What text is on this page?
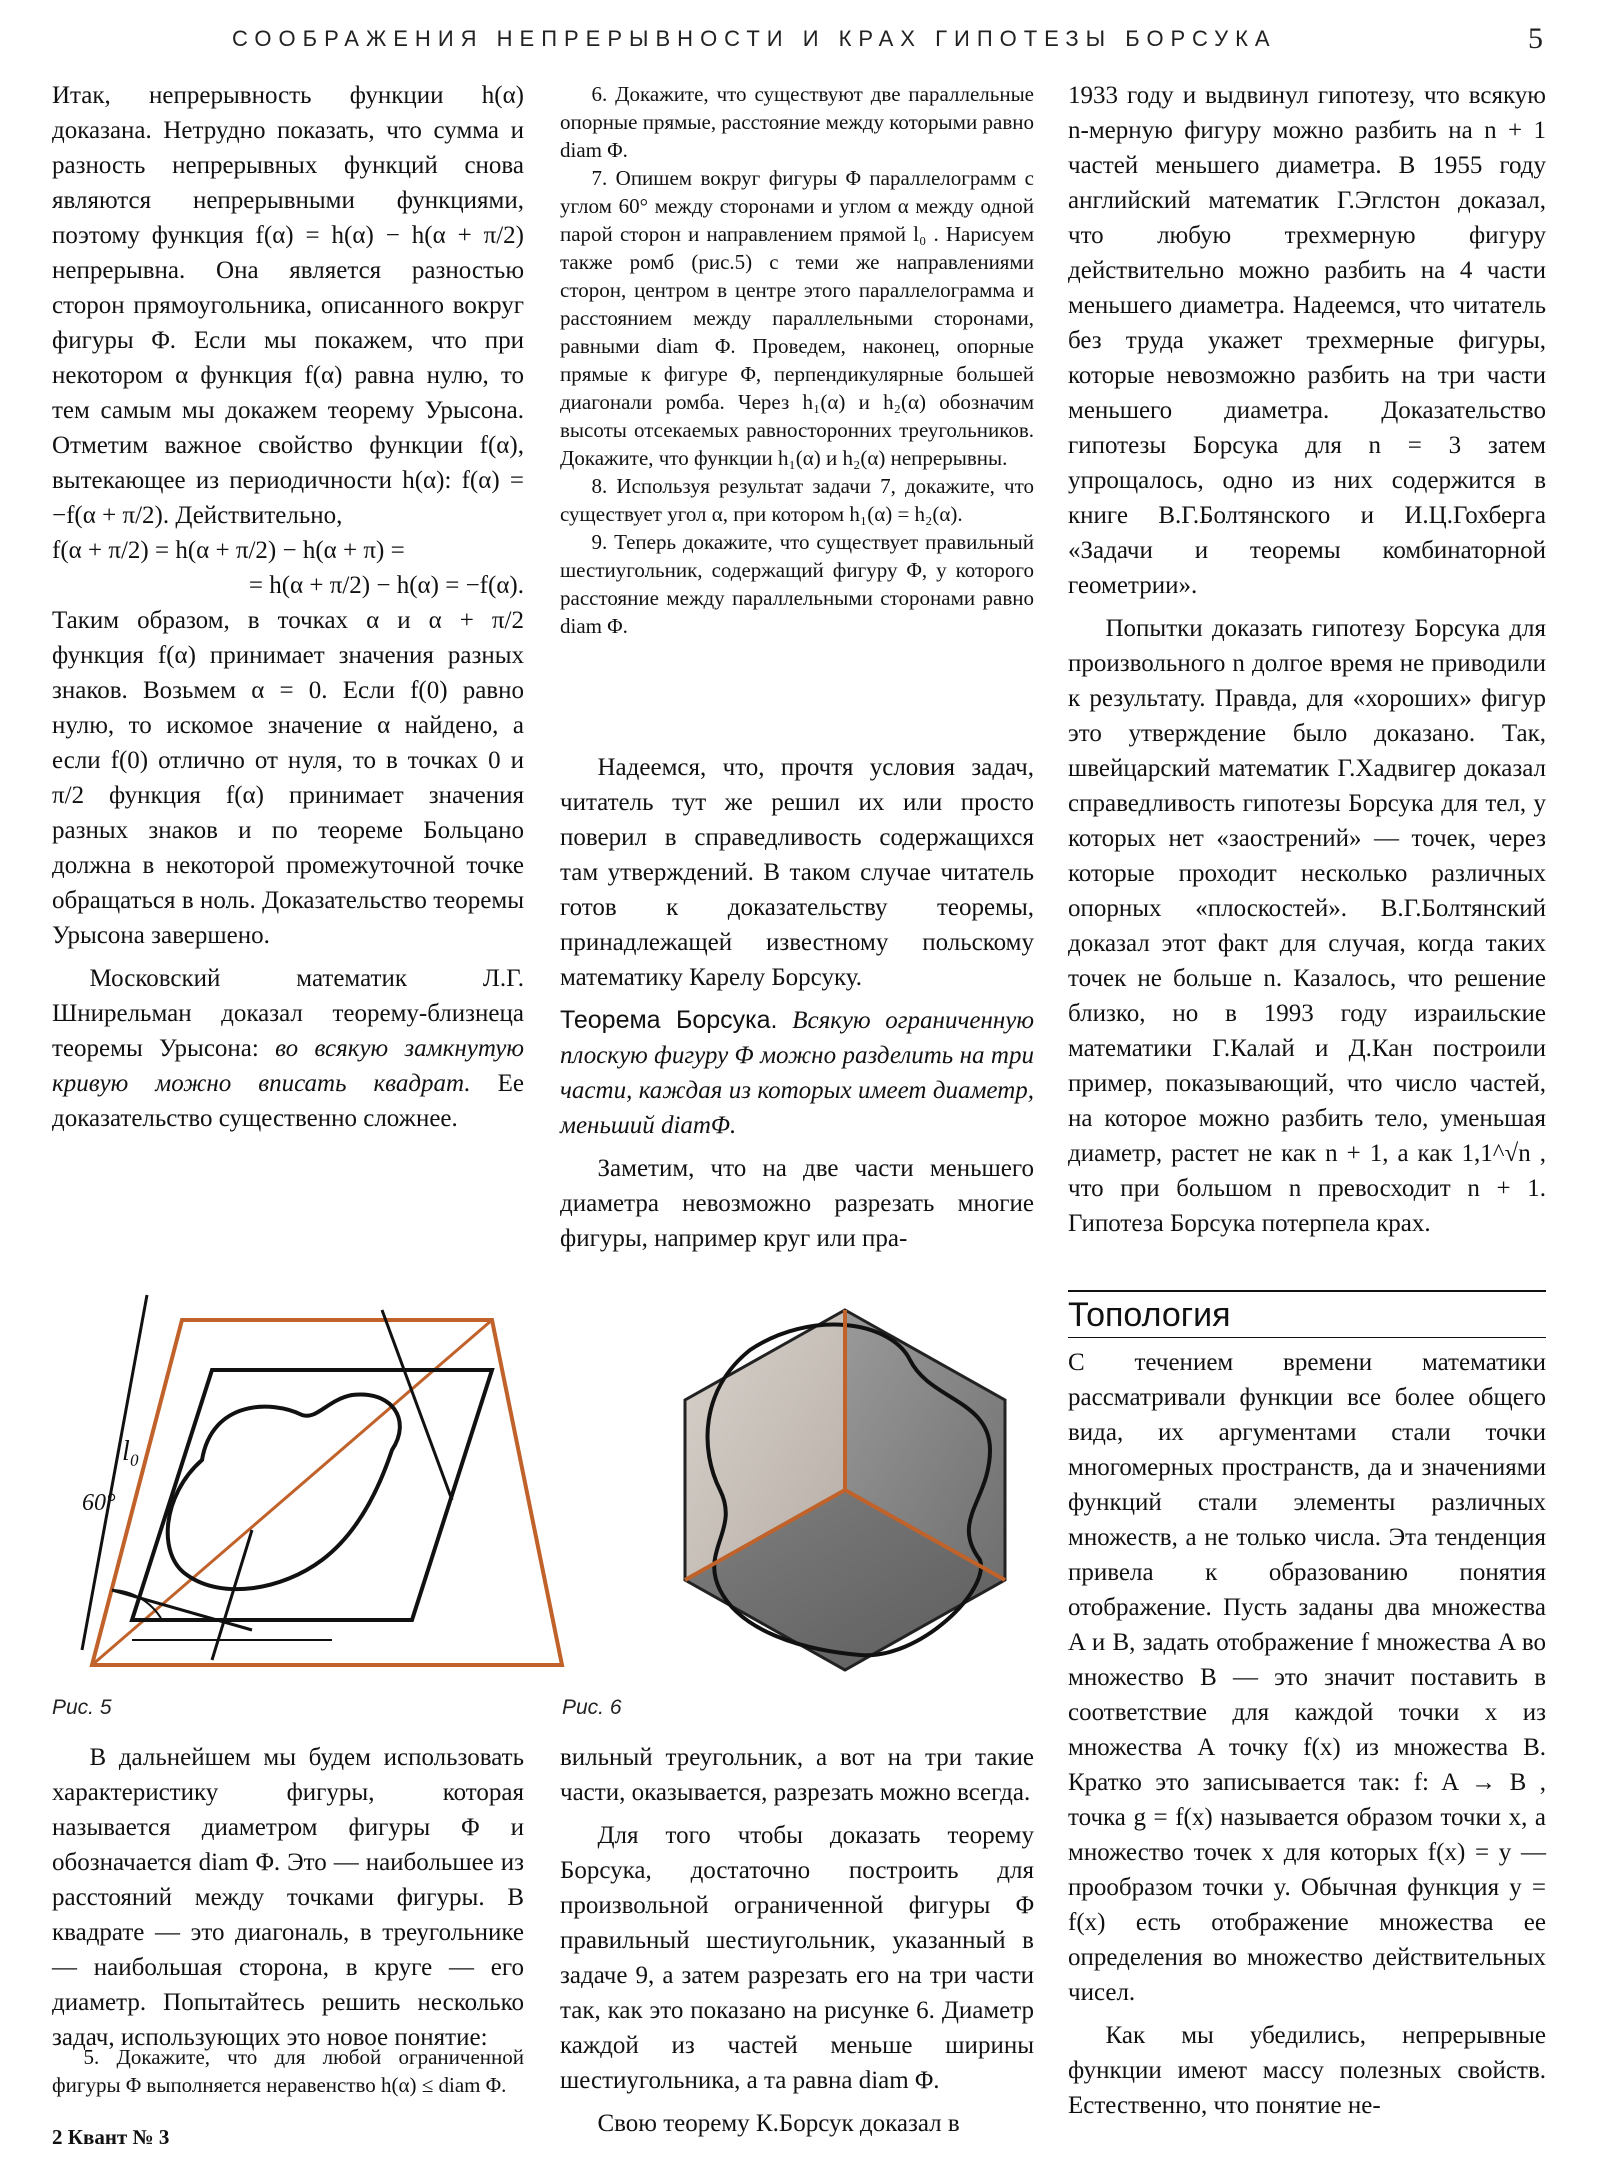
СООБРАЖЕНИЯ НЕПРЕРЫВНОСТИ И КРАХ ГИПОТЕЗЫ БОРСУКА	5

Итак, непрерывность функции h(α) доказана. Нетрудно показать, что сумма и разность непрерывных функций снова являются непрерывными функциями, поэтому функция f(α) = h(α) − h(α + π/2) непрерывна. Она является разностью сторон прямоугольника, описанного вокруг фигуры Φ. Если мы покажем, что при некотором α функция f(α) равна нулю, то тем самым мы докажем теорему Урысона. Отметим важное свойство функции f(α), вытекающее из периодичности h(α): f(α) = −f(α + π/2). Действительно,

f(α + π/2) = h(α + π/2) − h(α + π) =

= h(α + π/2) − h(α) = −f(α).

Таким образом, в точках α и α + π/2 функция f(α) принимает значения разных знаков. Возьмем α = 0. Если f(0) равно нулю, то искомое значение α найдено, а если f(0) отлично от нуля, то в точках 0 и π/2 функция f(α) принимает значения разных знаков и по теореме Больцано должна в некоторой промежуточной точке обращаться в ноль. Доказательство теоремы Урысона завершено.

Московский математик Л.Г. Шнирельман доказал теорему-близнеца теоремы Урысона: во всякую замкнутую кривую можно вписать квадрат. Ее доказательство существенно сложнее.

6. Докажите, что существуют две параллельные опорные прямые, расстояние между которыми равно diam Φ.

7. Опишем вокруг фигуры Φ параллелограмм с углом 60° между сторонами и углом α между одной парой сторон и направлением прямой l₀ . Нарисуем также ромб (рис.5) с теми же направлениями сторон, центром в центре этого параллелограмма и расстоянием между параллельными сторонами, равными diam Φ. Проведем, наконец, опорные прямые к фигуре Φ, перпендикулярные большей диагонали ромба. Через h₁(α) и h₂(α) обозначим высоты отсекаемых равносторонних треугольников. Докажите, что функции h₁(α) и h₂(α) непрерывны.

8. Используя результат задачи 7, докажите, что существует угол α, при котором h₁(α) = h₂(α).

9. Теперь докажите, что существует правильный шестиугольник, содержащий фигуру Φ, у которого расстояние между параллельными сторонами равно diam Φ.

Надеемся, что, прочтя условия задач, читатель тут же решил их или просто поверил в справедливость содержащихся там утверждений. В таком случае читатель готов к доказательству теоремы, принадлежащей известному польскому математику Карелу Борсуку.

Теорема Борсука. Всякую ограниченную плоскую фигуру Φ можно разделить на три части, каждая из которых имеет диаметр, меньший diamΦ.

Заметим, что на две части меньшего диаметра невозможно разрезать многие фигуры, например круг или пра-

1933 году и выдвинул гипотезу, что всякую n-мерную фигуру можно разбить на n + 1 частей меньшего диаметра. В 1955 году английский математик Г.Эглстон доказал, что любую трехмерную фигуру действительно можно разбить на 4 части меньшего диаметра. Надеемся, что читатель без труда укажет трехмерные фигуры, которые невозможно разбить на три части меньшего диаметра. Доказательство гипотезы Борсука для n = 3 затем упрощалось, одно из них содержится в книге В.Г.Болтянского и И.Ц.Гохберга «Задачи и теоремы комбинаторной геометрии».

Попытки доказать гипотезу Борсука для произвольного n долгое время не приводили к результату. Правда, для «хороших» фигур это утверждение было доказано. Так, швейцарский математик Г.Хадвигер доказал справедливость гипотезы Борсука для тел, у которых нет «заострений» — точек, через которые проходит несколько различных опорных «плоскостей». В.Г.Болтянский доказал этот факт для случая, когда таких точек не больше n. Казалось, что решение близко, но в 1993 году израильские математики Г.Калай и Д.Кан построили пример, показывающий, что число частей, на которое можно разбить тело, уменьшая диаметр, растет не как n + 1, а как 1,1^√n , что при большом n превосходит n + 1. Гипотеза Борсука потерпела крах.

Топология

С течением времени математики рассматривали функции все более общего вида, их аргументами стали точки многомерных пространств, да и значениями функций стали элементы различных множеств, а не только числа. Эта тенденция привела к образованию понятия отображение. Пусть заданы два множества A и B, задать отображение f множества A во множество B — это значит поставить в соответствие для каждой точки x из множества A точку f(x) из множества B. Кратко это записывается так: f: A → B , точка g = f(x) называется образом точки x, а множество точек x для которых f(x) = y — прообразом точки y. Обычная функция y = f(x) есть отображение множества ее определения во множество действительных чисел.

Как мы убедились, непрерывные функции имеют массу полезных свойств. Естественно, что понятие не-

l₀
60°
Рис. 5	Рис. 6

В дальнейшем мы будем использовать характеристику фигуры, которая называется диаметром фигуры Φ и обозначается diam Φ. Это — наибольшее из расстояний между точками фигуры. В квадрате — это диагональ, в треугольнике — наибольшая сторона, в круге — его диаметр. Попытайтесь решить несколько задач, использующих это новое понятие:

5. Докажите, что для любой ограниченной фигуры Φ выполняется неравенство h(α) ≤ diam Φ.

вильный треугольник, а вот на три такие части, оказывается, разрезать можно всегда.

Для того чтобы доказать теорему Борсука, достаточно построить для произвольной ограниченной фигуры Φ правильный шестиугольник, указанный в задаче 9, а затем разрезать его на три части так, как это показано на рисунке 6. Диаметр каждой из частей меньше ширины шестиугольника, а та равна diam Φ.

Свою теорему К.Борсук доказал в

2 Квант № 3
